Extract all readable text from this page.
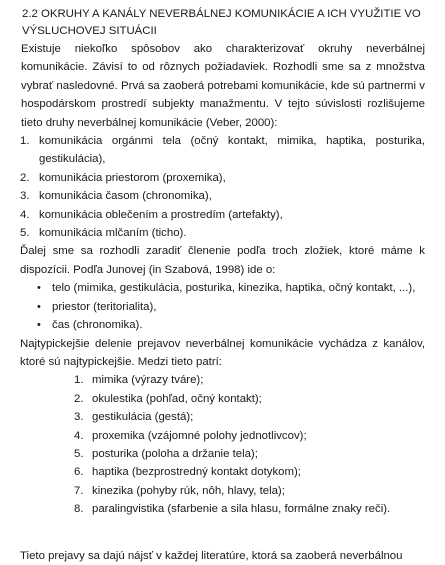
2.2 OKRUHY A KANÁLY NEVERBÁLNEJ KOMUNIKÁCIE A ICH VYUŽITIE VO
VÝSLUCHOVEJ SITUÁCII

Existuje niekoľko spôsobov ako charakterizovať okruhy neverbálnej komunikácie. Závisí to od rôznych požiadaviek. Rozhodli sme sa z množstva vybrať nasledovné. Prvá sa zaoberá potrebami komunikácie, kde sú partnermi v hospodárskom prostredí subjekty manažmentu. V tejto súvislosti rozlišujeme tieto druhy neverbálnej komunikácie (Veber, 2000):

1. komunikácia orgánmi tela (očný kontakt, mimika, haptika, posturika, gestikulácia),
2. komunikácia priestorom (proxemika),
3. komunikácia časom (chronomika),
4. komunikácia oblečením a prostredím (artefakty),
5. komunikácia mlčaním (ticho).

Ďalej sme sa rozhodli zaradiť členenie podľa troch zložiek, ktoré máme k dispozícii. Podľa Junovej (in Szabová, 1998) ide o:

• telo (mimika, gestikulácia, posturika, kinezika, haptika, očný kontakt, ...),
• priestor (teritorialita),
• čas (chronomika).

Najtypickejšie delenie prejavov neverbálnej komunikácie vychádza z kanálov, ktoré sú najtypickejšie. Medzi tieto patrí:

1. mimika (výrazy tváre);
2. okulestika (pohľad, očný kontakt);
3. gestikulácia (gestá);
4. proxemika (vzájomné polohy jednotlivcov);
5. posturika (poloha a držanie tela);
6. haptika (bezprostredný kontakt dotykom);
7. kinezika (pohyby rúk, nôh, hlavy, tela);
8. paralingvistika (sfarbenie a sila hlasu, formálne znaky reči).
Tieto prejavy sa dajú nájsť v každej literatúre, ktorá sa zaoberá neverbálnou
